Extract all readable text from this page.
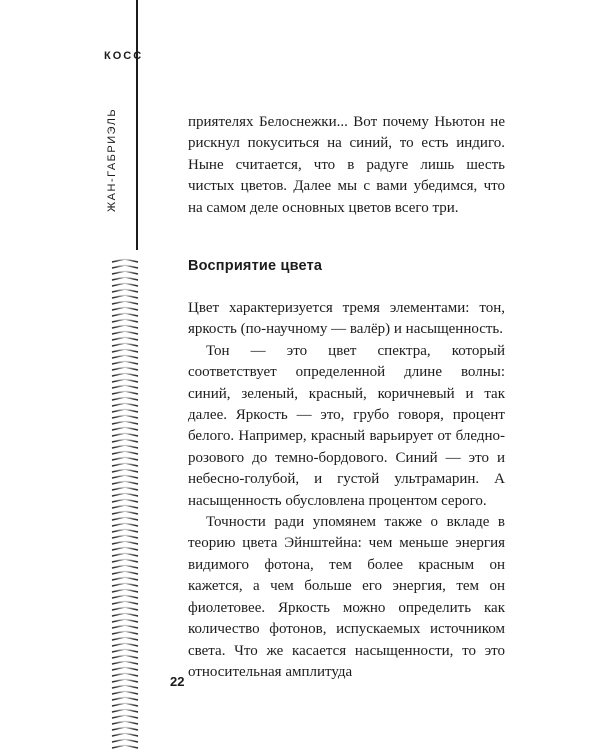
КОСС
ЖАН-ГАБРИЭЛЬ	приятелях Белоснежки... Вот почему Ньютон не рискнул покуситься на синий, то есть индиго. Ныне считается, что в радуге лишь шесть чистых цветов. Далее мы с вами убедимся, что на самом деле основных цветов всего три.

Восприятие цвета

Цвет характеризуется тремя элементами: тон, яркость (по-научному — валёр) и насыщенность.

Тон — это цвет спектра, который соответствует определенной длине волны: синий, зеленый, красный, коричневый и так далее. Яркость — это, грубо говоря, процент белого. Например, красный варьирует от бледно-розового до темно-бордового. Синий — это и небесно-голубой, и густой ультрамарин. А насыщенность обусловлена процентом серого.

Точности ради упомянем также о вкладе в теорию цвета Эйнштейна: чем меньше энергия видимого фотона, тем более красным он кажется, а чем больше его энергия, тем он фиолетовее. Яркость можно определить как количество фотонов, испускаемых источником света. Что же касается насыщенности, то это относительная амплитуда

22
